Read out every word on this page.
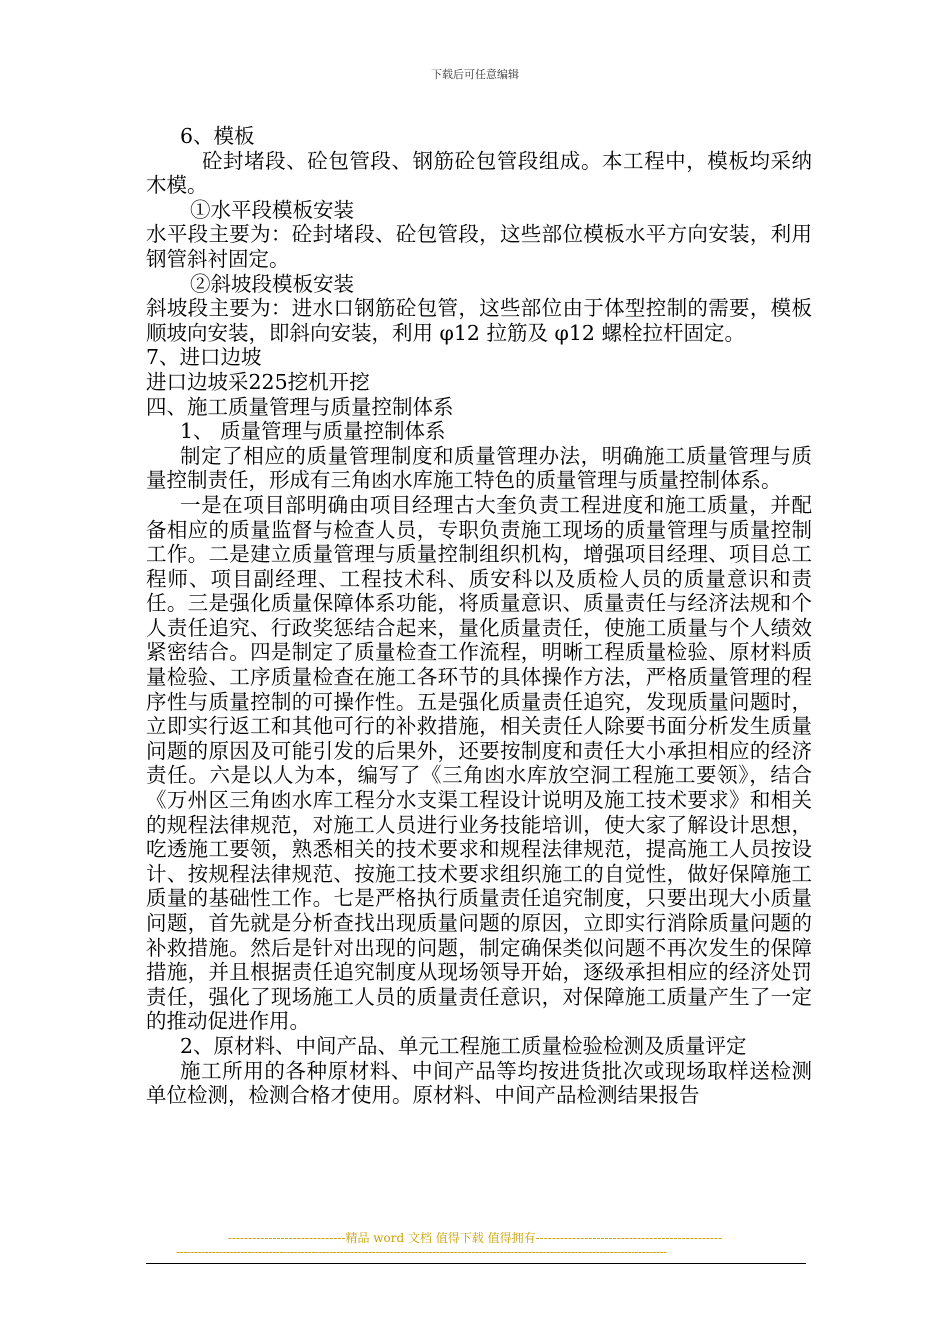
下载后可任意编辑

6、模板

砼封堵段、砼包管段、钢筋砼包管段组成。本工程中，模板均采纳木模。

①水平段模板安装

水平段主要为：砼封堵段、砼包管段，这些部位模板水平方向安装，利用钢管斜衬固定。

②斜坡段模板安装

斜坡段主要为：进水口钢筋砼包管，这些部位由于体型控制的需要，模板顺坡向安装，即斜向安装，利用 φ12 拉筋及 φ12 螺栓拉杆固定。

7、进口边坡

进口边坡采225挖机开挖

四、施工质量管理与质量控制体系

1、 质量管理与质量控制体系

制定了相应的质量管理制度和质量管理办法，明确施工质量管理与质量控制责任，形成有三角凼水库施工特色的质量管理与质量控制体系。

一是在项目部明确由项目经理古大奎负责工程进度和施工质量，并配备相应的质量监督与检查人员，专职负责施工现场的质量管理与质量控制工作。二是建立质量管理与质量控制组织机构，增强项目经理、项目总工程师、项目副经理、工程技术科、质安科以及质检人员的质量意识和责任。三是强化质量保障体系功能，将质量意识、质量责任与经济法规和个人责任追究、行政奖惩结合起来，量化质量责任，使施工质量与个人绩效紧密结合。四是制定了质量检查工作流程，明晰工程质量检验、原材料质量检验、工序质量检查在施工各环节的具体操作方法，严格质量管理的程序性与质量控制的可操作性。五是强化质量责任追究，发现质量问题时，立即实行返工和其他可行的补救措施，相关责任人除要书面分析发生质量问题的原因及可能引发的后果外，还要按制度和责任大小承担相应的经济责任。六是以人为本，编写了《三角凼水库放空洞工程施工要领》，结合《万州区三角凼水库工程分水支渠工程设计说明及施工技术要求》和相关的规程法律规范，对施工人员进行业务技能培训，使大家了解设计思想，吃透施工要领，熟悉相关的技术要求和规程法律规范，提高施工人员按设计、按规程法律规范、按施工技术要求组织施工的自觉性，做好保障施工质量的基础性工作。七是严格执行质量责任追究制度，只要出现大小质量问题，首先就是分析查找出现质量问题的原因，立即实行消除质量问题的补救措施。然后是针对出现的问题，制定确保类似问题不再次发生的保障措施，并且根据责任追究制度从现场领导开始，逐级承担相应的经济处罚责任，强化了现场施工人员的质量责任意识，对保障施工质量产生了一定的推动促进作用。

2、原材料、中间产品、单元工程施工质量检验检测及质量评定

施工所用的各种原材料、中间产品等均按进货批次或现场取样送检测单位检测，检测合格才使用。原材料、中间产品检测结果报告

-----------------------------精品 word 文档 值得下载 值得拥有----------------------------------------------
------------------------------------------------------------------------------------------------------------------------------------------
